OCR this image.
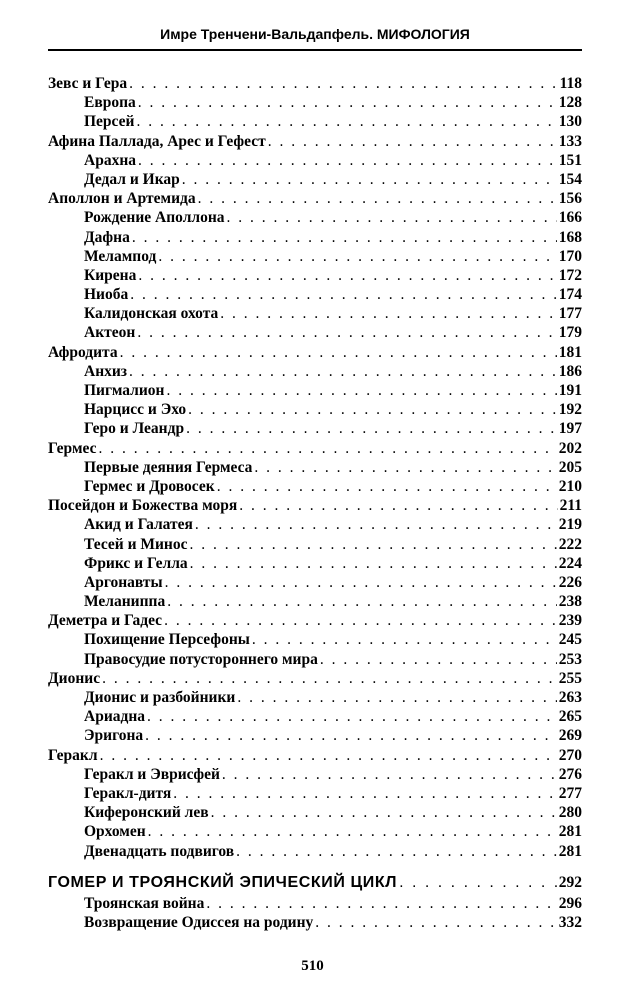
Имре Тренчени-Вальдапфель. МИФОЛОГИЯ
Зевс и Гера . . .	118
Европа . . .	128
Персей . . .	130
Афина Паллада, Арес и Гефест . . .	133
Арахна . . .	151
Дедал и Икар . . .	154
Аполлон и Артемида . . .	156
Рождение Аполлона . . .	166
Дафна . . .	168
Мелампод . . .	170
Кирена . . .	172
Ниоба . . .	174
Калидонская охота . . .	177
Актеон . . .	179
Афродита . . .	181
Анхиз . . .	186
Пигмалион . . .	191
Нарцисс и Эхо . . .	192
Геро и Леандр . . .	197
Гермес . . .	202
Первые деяния Гермеса . . .	205
Гермес и Дровосек . . .	210
Посейдон и Божества моря . . .	211
Акид и Галатея . . .	219
Тесей и Минос . . .	222
Фрикс и Гелла . . .	224
Аргонавты . . .	226
Меланиппа . . .	238
Деметра и Гадес . . .	239
Похищение Персефоны . . .	245
Правосудие потустороннего мира . . .	253
Дионис . . .	255
Дионис и разбойники . . .	263
Ариадна . . .	265
Эригона . . .	269
Геракл . . .	270
Геракл и Эврисфей . . .	276
Геракл-дитя . . .	277
Киферонский лев . . .	280
Орхомен . . .	281
Двенадцать подвигов . . .	281
ГОМЕР И ТРОЯНСКИЙ ЭПИЧЕСКИЙ ЦИКЛ . . .	292
Троянская война . . .	296
Возвращение Одиссея на родину . . .	332
510
